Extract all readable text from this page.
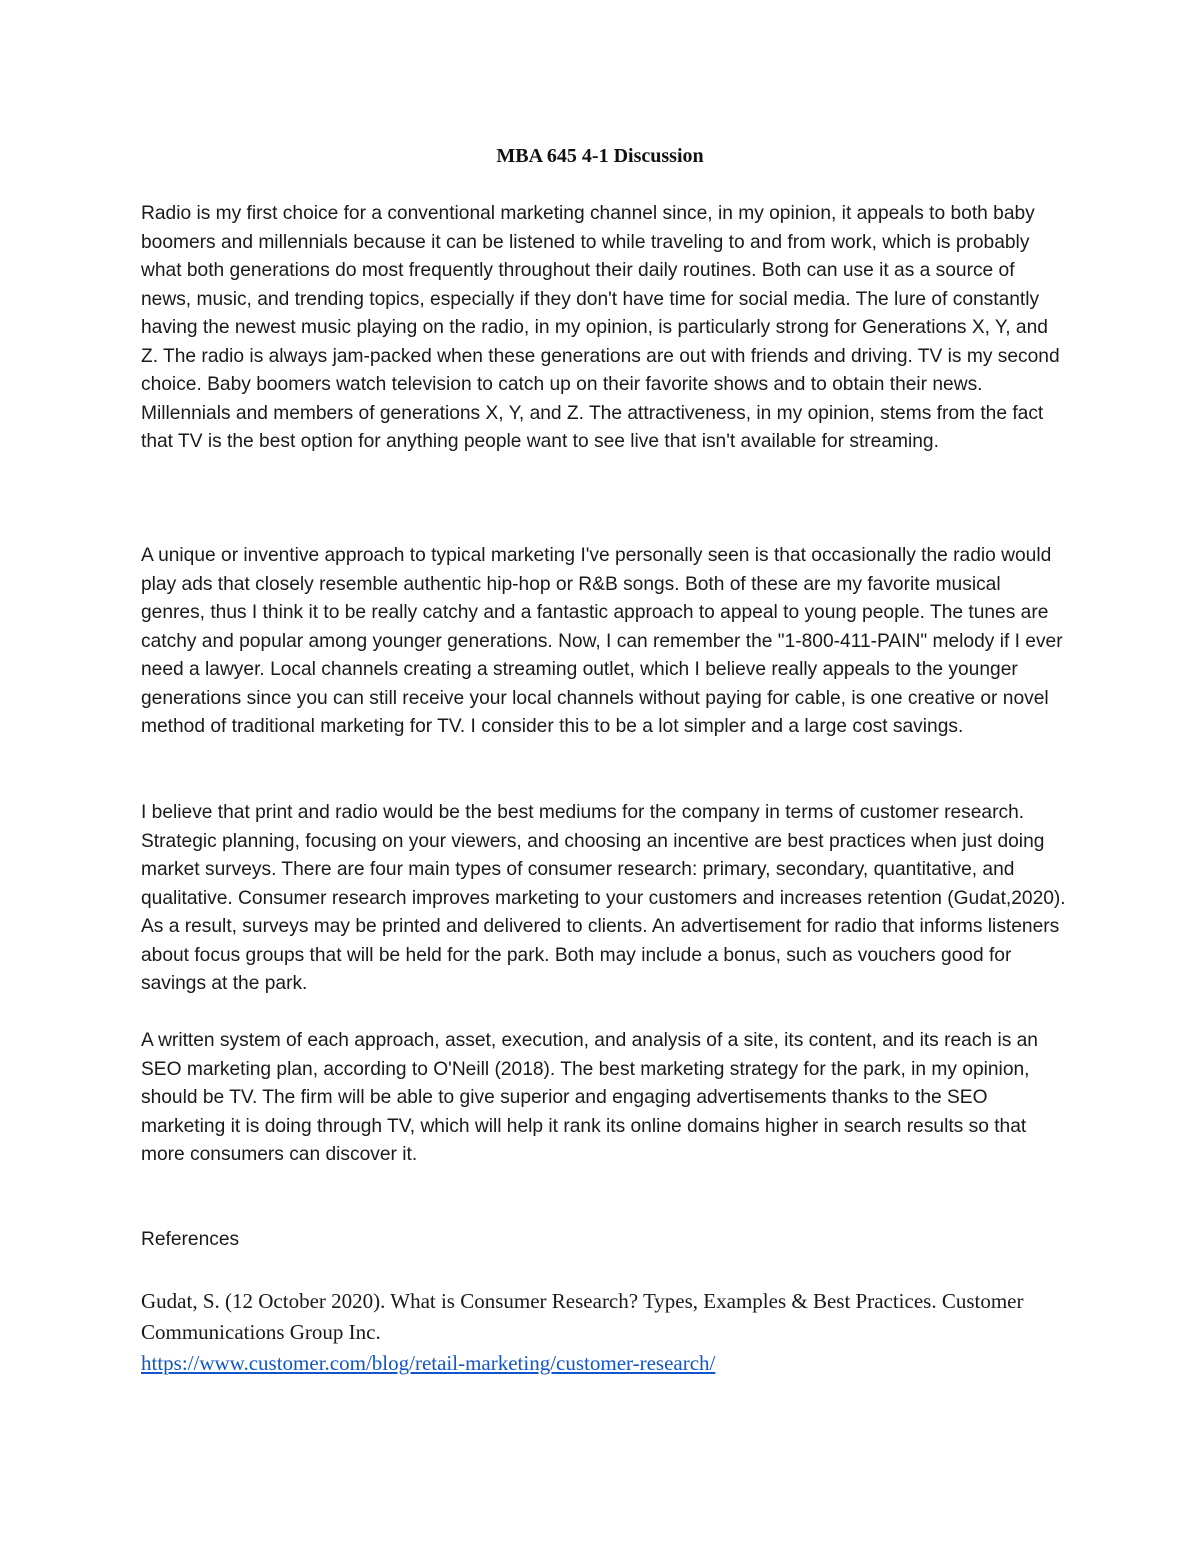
MBA 645 4-1 Discussion

Radio is my first choice for a conventional marketing channel since, in my opinion, it appeals to both baby boomers and millennials because it can be listened to while traveling to and from work, which is probably what both generations do most frequently throughout their daily routines. Both can use it as a source of news, music, and trending topics, especially if they don't have time for social media. The lure of constantly having the newest music playing on the radio, in my opinion, is particularly strong for Generations X, Y, and Z. The radio is always jam-packed when these generations are out with friends and driving. TV is my second choice. Baby boomers watch television to catch up on their favorite shows and to obtain their news. Millennials and members of generations X, Y, and Z. The attractiveness, in my opinion, stems from the fact that TV is the best option for anything people want to see live that isn't available for streaming.

A unique or inventive approach to typical marketing I've personally seen is that occasionally the radio would play ads that closely resemble authentic hip-hop or R&B songs. Both of these are my favorite musical genres, thus I think it to be really catchy and a fantastic approach to appeal to young people. The tunes are catchy and popular among younger generations. Now, I can remember the "1-800-411-PAIN" melody if I ever need a lawyer. Local channels creating a streaming outlet, which I believe really appeals to the younger generations since you can still receive your local channels without paying for cable, is one creative or novel method of traditional marketing for TV. I consider this to be a lot simpler and a large cost savings.

I believe that print and radio would be the best mediums for the company in terms of customer research. Strategic planning, focusing on your viewers, and choosing an incentive are best practices when just doing market surveys. There are four main types of consumer research: primary, secondary, quantitative, and qualitative. Consumer research improves marketing to your customers and increases retention (Gudat,2020). As a result, surveys may be printed and delivered to clients. An advertisement for radio that informs listeners about focus groups that will be held for the park. Both may include a bonus, such as vouchers good for savings at the park.

A written system of each approach, asset, execution, and analysis of a site, its content, and its reach is an SEO marketing plan, according to O'Neill (2018). The best marketing strategy for the park, in my opinion, should be TV. The firm will be able to give superior and engaging advertisements thanks to the SEO marketing it is doing through TV, which will help it rank its online domains higher in search results so that more consumers can discover it.

References

Gudat, S. (12 October 2020). What is Consumer Research? Types, Examples & Best Practices. Customer Communications Group Inc.

https://www.customer.com/blog/retail-marketing/customer-research/
